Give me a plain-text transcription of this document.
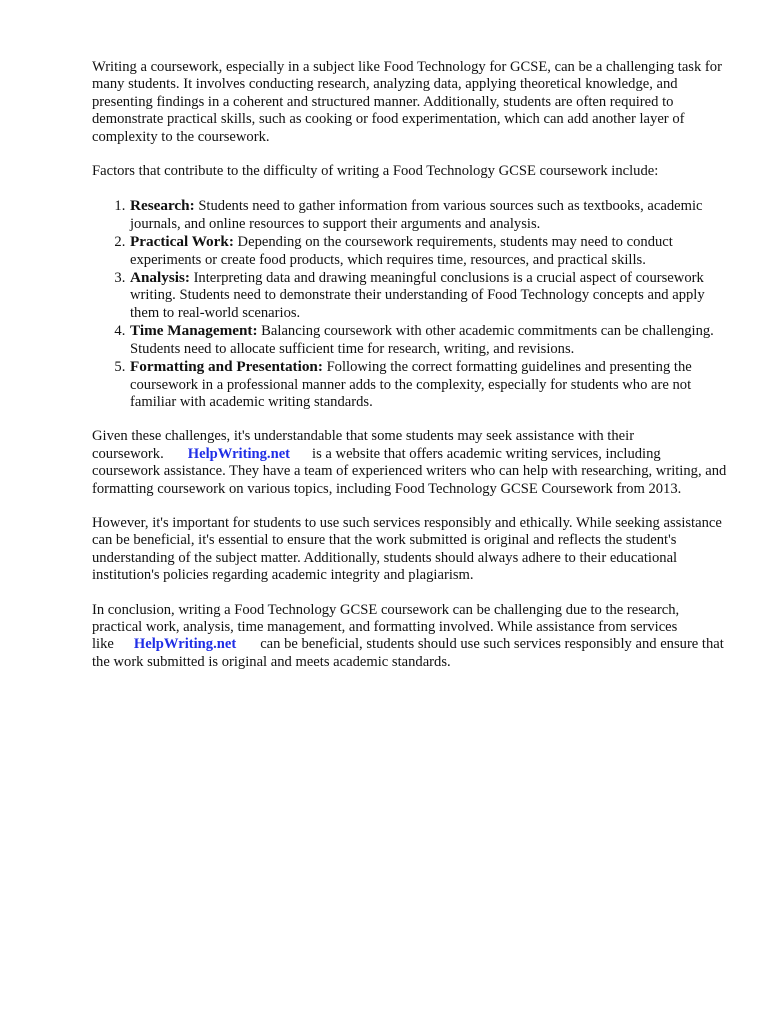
Writing a coursework, especially in a subject like Food Technology for GCSE, can be a challenging task for many students. It involves conducting research, analyzing data, applying theoretical knowledge, and presenting findings in a coherent and structured manner. Additionally, students are often required to demonstrate practical skills, such as cooking or food experimentation, which can add another layer of complexity to the coursework.

Factors that contribute to the difficulty of writing a Food Technology GCSE coursework include:

1. Research: Students need to gather information from various sources such as textbooks, academic journals, and online resources to support their arguments and analysis.
2. Practical Work: Depending on the coursework requirements, students may need to conduct experiments or create food products, which requires time, resources, and practical skills.
3. Analysis: Interpreting data and drawing meaningful conclusions is a crucial aspect of coursework writing. Students need to demonstrate their understanding of Food Technology concepts and apply them to real-world scenarios.
4. Time Management: Balancing coursework with other academic commitments can be challenging. Students need to allocate sufficient time for research, writing, and revisions.
5. Formatting and Presentation: Following the correct formatting guidelines and presenting the coursework in a professional manner adds to the complexity, especially for students who are not familiar with academic writing standards.

Given these challenges, it's understandable that some students may seek assistance with their coursework. HelpWriting.net is a website that offers academic writing services, including coursework assistance. They have a team of experienced writers who can help with researching, writing, and formatting coursework on various topics, including Food Technology GCSE Coursework from 2013.

However, it's important for students to use such services responsibly and ethically. While seeking assistance can be beneficial, it's essential to ensure that the work submitted is original and reflects the student's understanding of the subject matter. Additionally, students should always adhere to their educational institution's policies regarding academic integrity and plagiarism.

In conclusion, writing a Food Technology GCSE coursework can be challenging due to the research, practical work, analysis, time management, and formatting involved. While assistance from services like HelpWriting.net can be beneficial, students should use such services responsibly and ensure that the work submitted is original and meets academic standards.
